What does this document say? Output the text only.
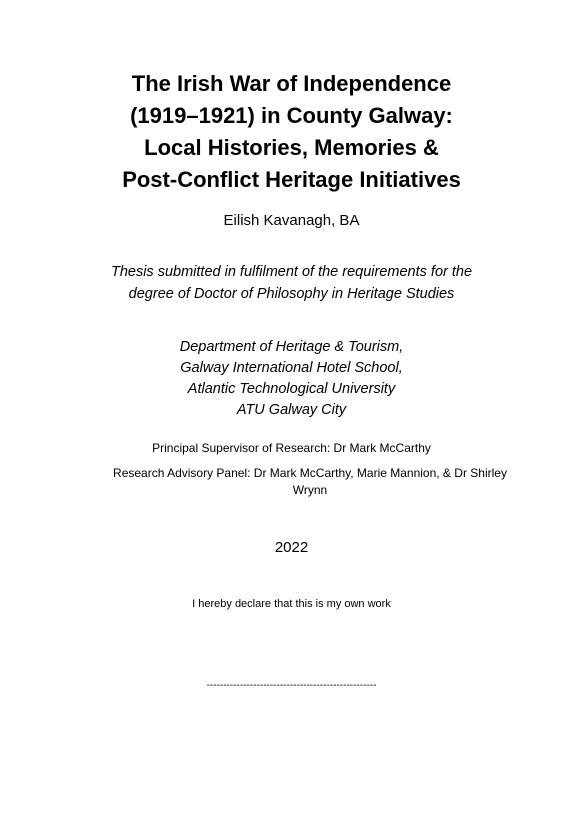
The Irish War of Independence
(1919–1921) in County Galway:
Local Histories, Memories &
Post-Conflict Heritage Initiatives
Eilish Kavanagh, BA
Thesis submitted in fulfilment of the requirements for the
degree of Doctor of Philosophy in Heritage Studies
Department of Heritage & Tourism,
Galway International Hotel School,
Atlantic Technological University
ATU Galway City
Principal Supervisor of Research: Dr Mark McCarthy
Research Advisory Panel: Dr Mark McCarthy, Marie Mannion, & Dr Shirley Wrynn
2022
I hereby declare that this is my own work
---------------------------------------------------
